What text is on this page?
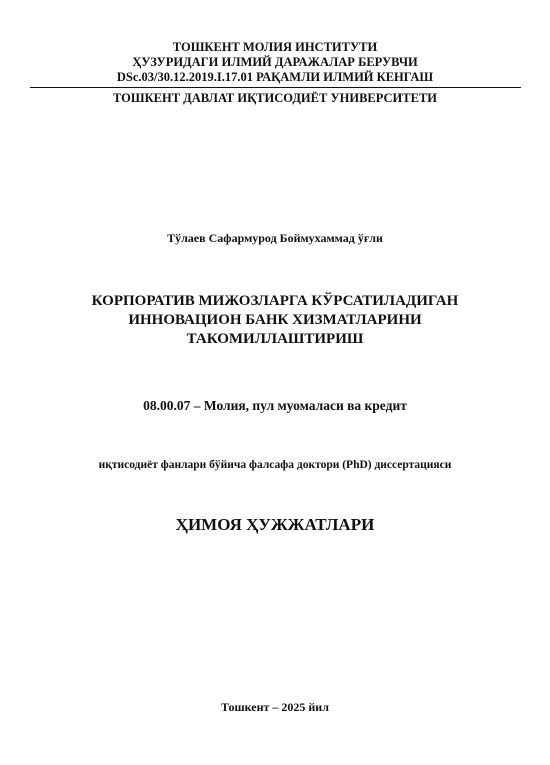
ТОШКЕНТ МОЛИЯ ИНСТИТУТИ
ҲУЗУРИДАГИ ИЛМИЙ ДАРАЖАЛАР БЕРУВЧИ
DSc.03/30.12.2019.I.17.01 РАҚАМЛИ ИЛМИЙ КЕНГАШ
ТОШКЕНТ ДАВЛАТ ИҚТИСОДИЁТ УНИВЕРСИТЕТИ
Тўлаев Сафармурод Боймухаммад ўғли
КОРПОРАТИВ МИЖОЗЛАРГА КЎРСАТИЛАДИГАН
ИННОВАЦИОН БАНК ХИЗМАТЛАРИНИ
ТАКОМИЛЛАШТИРИШ
08.00.07 – Молия, пул муомаласи ва кредит
иқтисодиёт фанлари бўйича фалсафа доктори (PhD) диссертацияси
ҲИМОЯ ҲУЖЖАТЛАРИ
Тошкент – 2025 йил
